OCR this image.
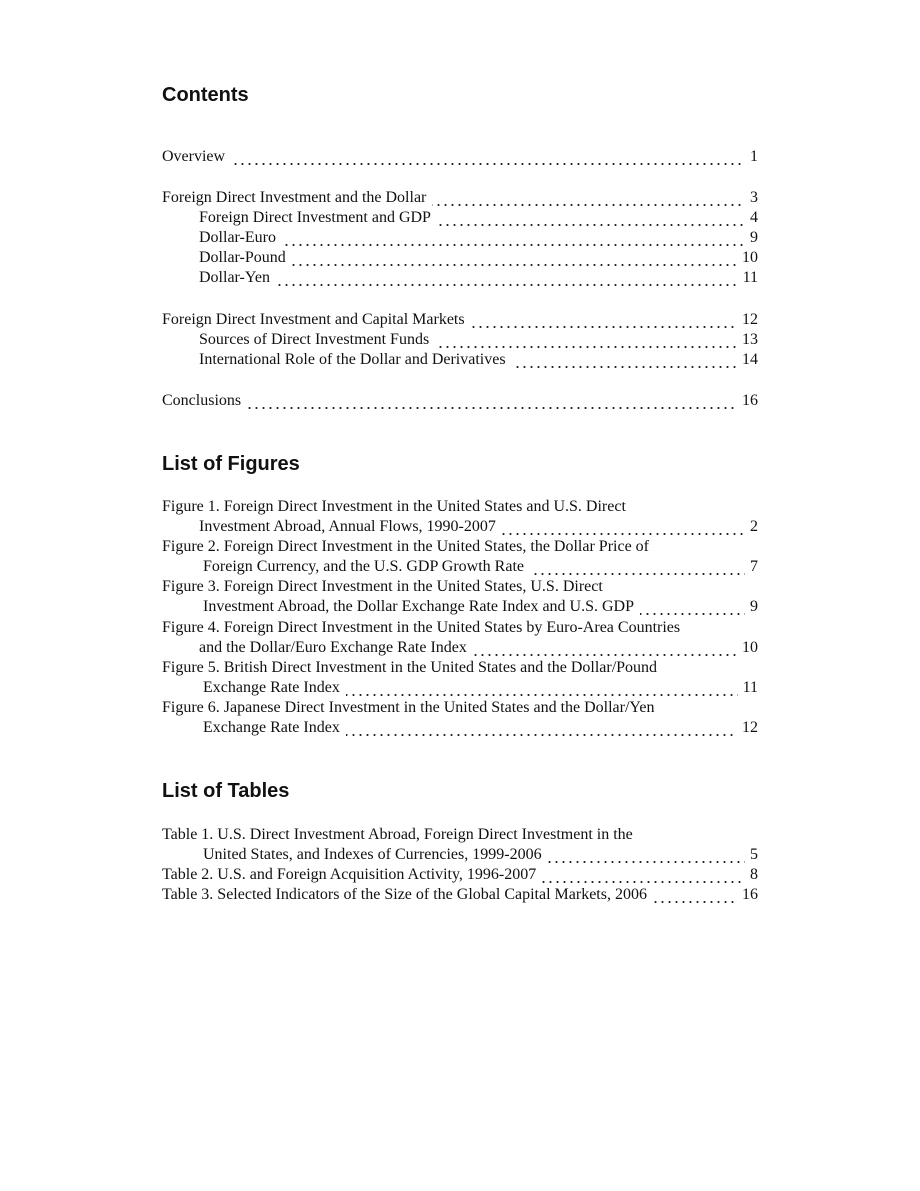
Contents
Overview	1
Foreign Direct Investment and the Dollar	3
Foreign Direct Investment and GDP	4
Dollar-Euro	9
Dollar-Pound	10
Dollar-Yen	11
Foreign Direct Investment and Capital Markets	12
Sources of Direct Investment Funds	13
International Role of the Dollar and Derivatives	14
Conclusions	16
List of Figures
Figure 1. Foreign Direct Investment in the United States and U.S. Direct
Investment Abroad, Annual Flows, 1990-2007	2
Figure 2. Foreign Direct Investment in the United States, the Dollar Price of
Foreign Currency, and the U.S. GDP Growth Rate	7
Figure 3. Foreign Direct Investment in the United States, U.S. Direct
Investment Abroad, the Dollar Exchange Rate Index and U.S. GDP	9
Figure 4. Foreign Direct Investment in the United States by Euro-Area Countries
and the Dollar/Euro Exchange Rate Index	10
Figure 5. British Direct Investment in the United States and the Dollar/Pound
Exchange Rate Index	11
Figure 6. Japanese Direct Investment in the United States and the Dollar/Yen
Exchange Rate Index	12
List of Tables
Table 1. U.S. Direct Investment Abroad, Foreign Direct Investment in the
United States, and Indexes of Currencies, 1999-2006	5
Table 2. U.S. and Foreign Acquisition Activity, 1996-2007	8
Table 3. Selected Indicators of the Size of the Global Capital Markets, 2006	16
